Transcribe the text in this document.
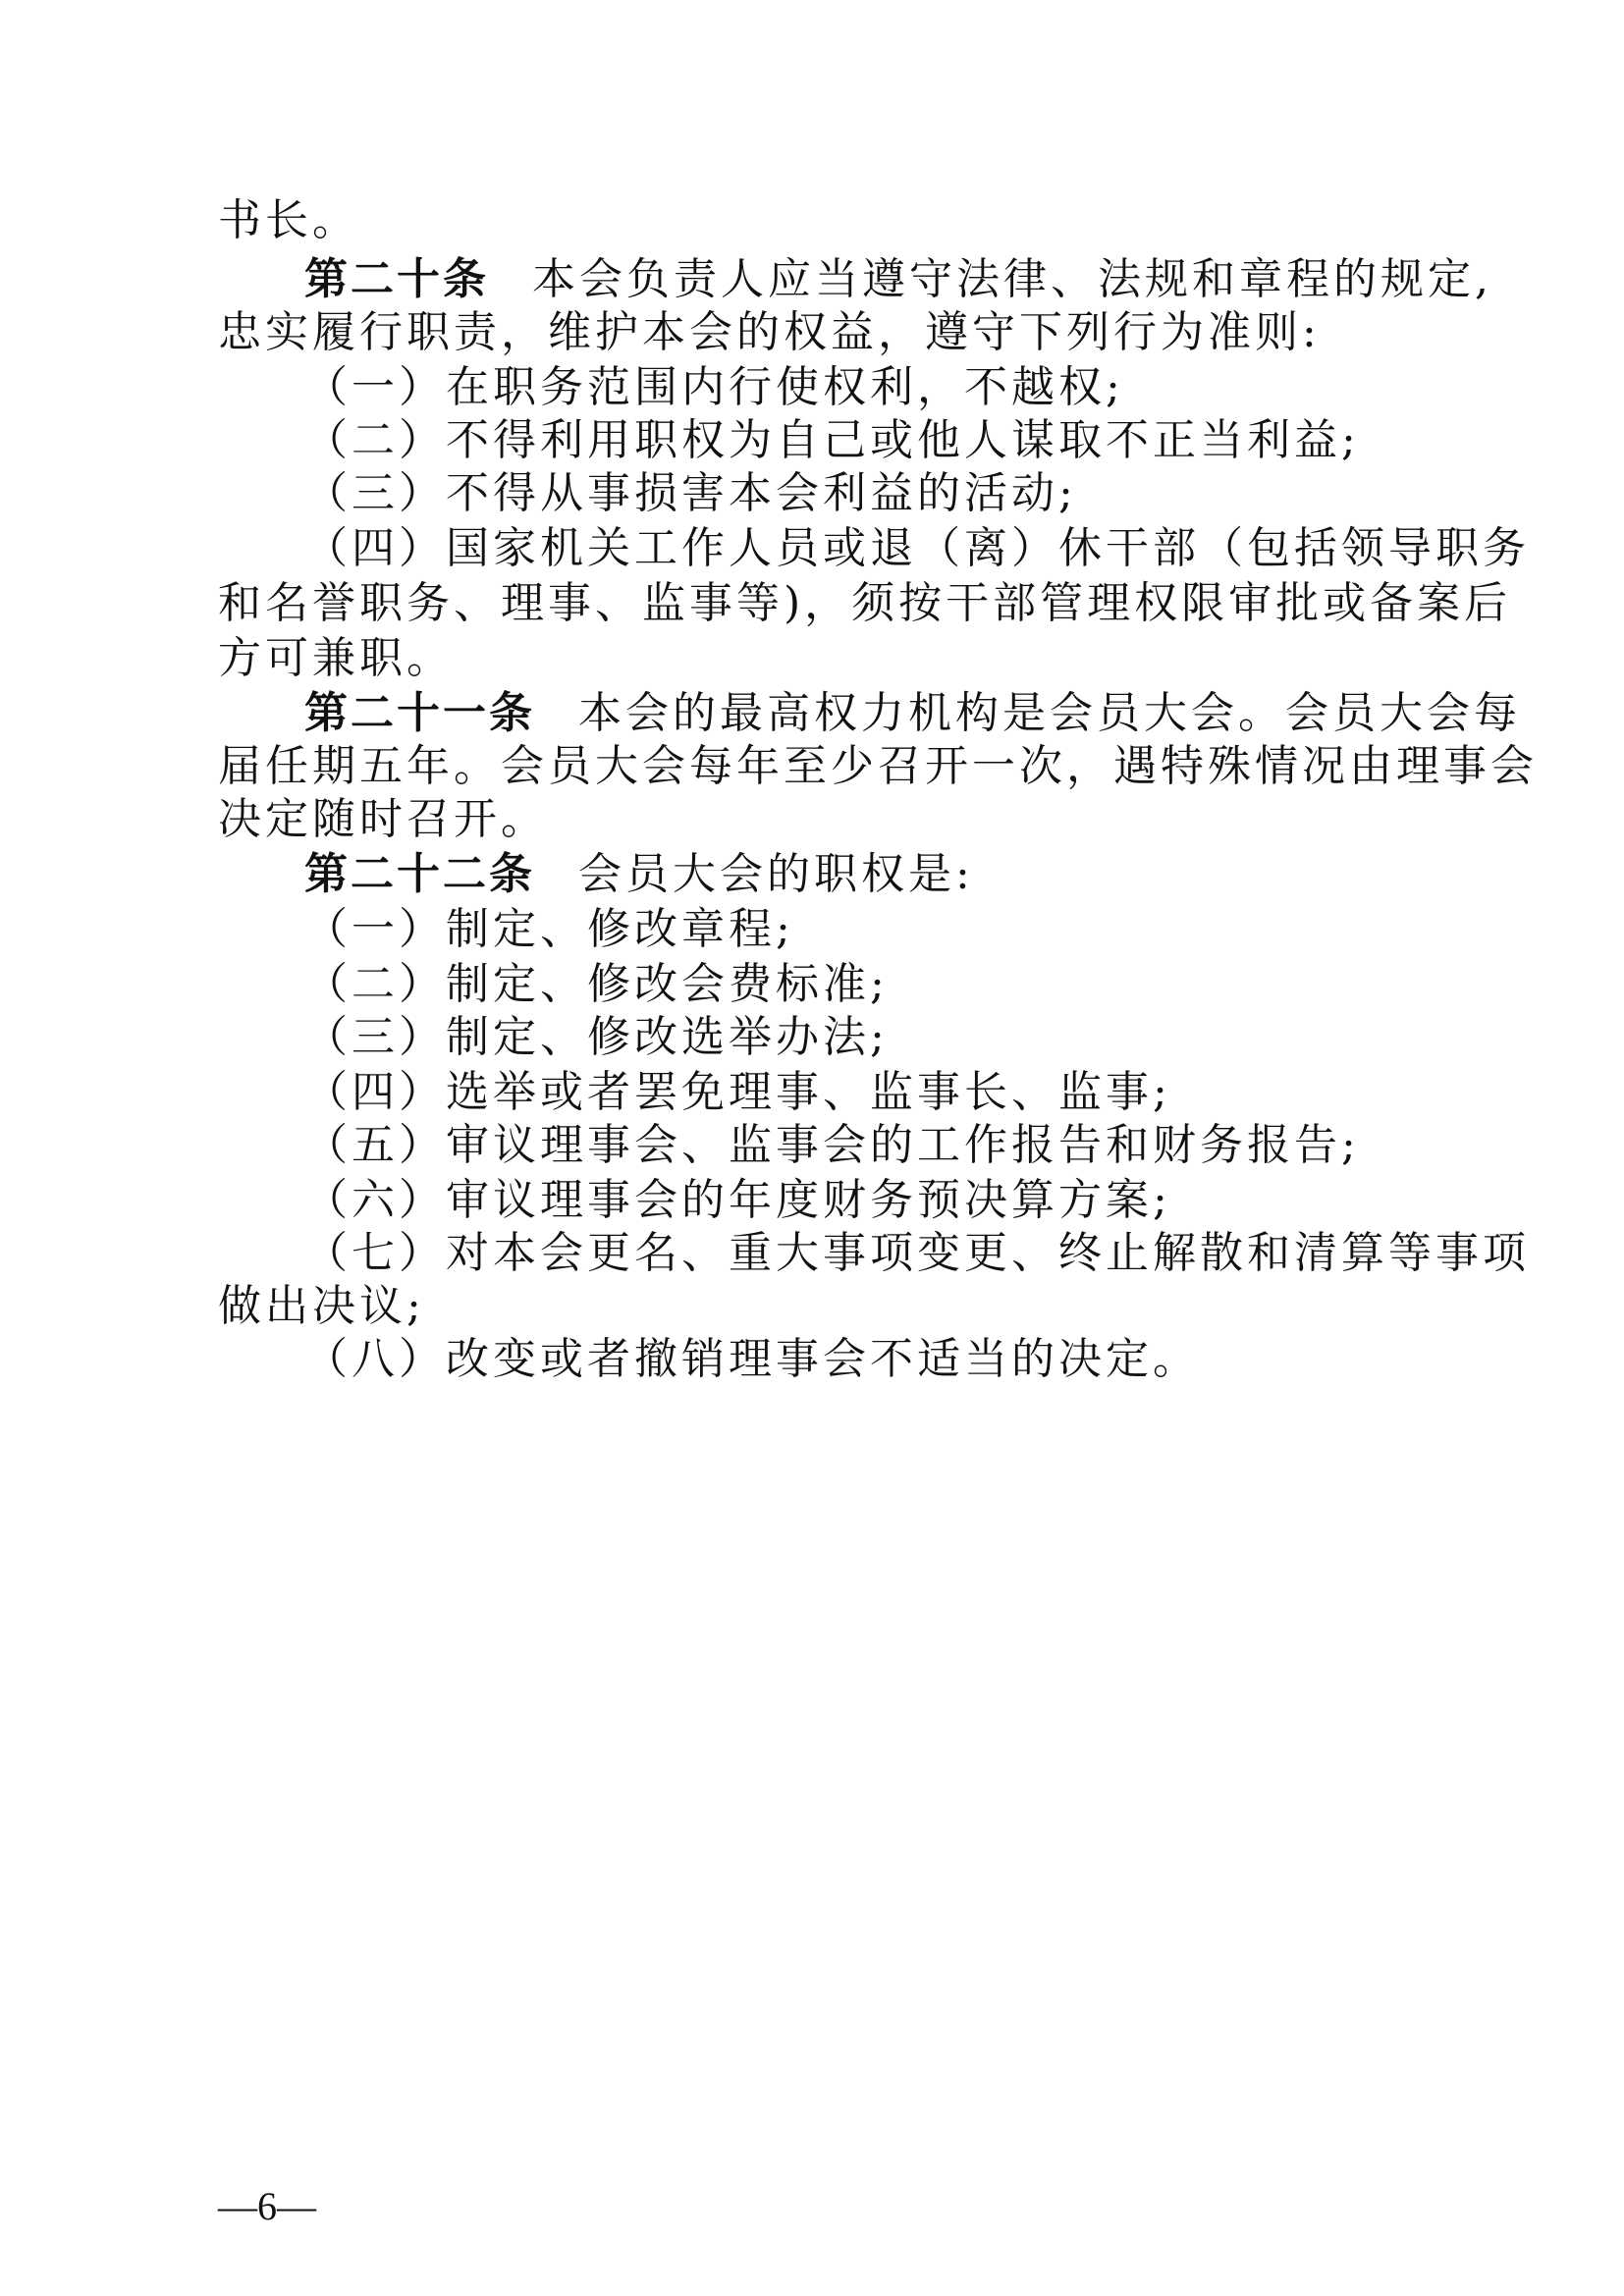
书长。
第二十条 本会负责人应当遵守法律、法规和章程的规定,
忠实履行职责，维护本会的权益，遵守下列行为准则:
（一）在职务范围内行使权利，不越权;
（二）不得利用职权为自己或他人谋取不正当利益;
（三）不得从事损害本会利益的活动;
（四）国家机关工作人员或退（离）休干部（包括领导职务
和名誉职务、理事、监事等)，须按干部管理权限审批或备案后
方可兼职。
第二十一条 本会的最高权力机构是会员大会。会员大会每
届任期五年。会员大会每年至少召开一次，遇特殊情况由理事会
决定随时召开。
第二十二条 会员大会的职权是:
（一）制定、修改章程;
（二）制定、修改会费标准;
（三）制定、修改选举办法;
（四）选举或者罢免理事、监事长、监事;
（五）审议理事会、监事会的工作报告和财务报告;
（六）审议理事会的年度财务预决算方案;
（七）对本会更名、重大事项变更、终止解散和清算等事项
做出决议;
（八）改变或者撤销理事会不适当的决定。
—6—
